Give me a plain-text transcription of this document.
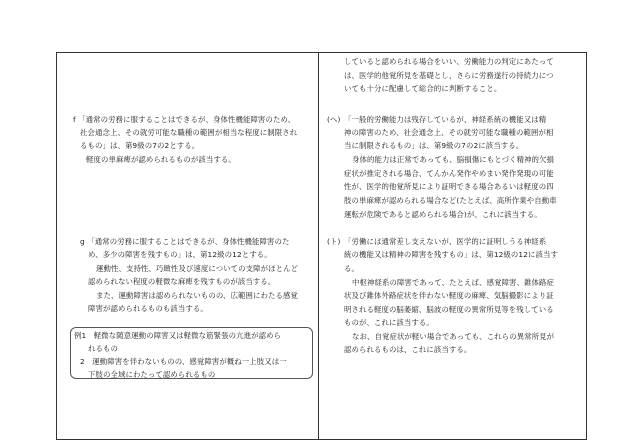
f 「通常の労務に服することはできるが、身体性機能障害のため、
社会通念上、その就労可能な職種の範囲が相当な程度に制限され
るもの」は、第9級の7の2とする。
軽度の単麻痺が認められるものが該当する。
g 「通常の労務に服することはできるが、身体性機能障害のた
め、多少の障害を残すもの」は、第12級の12とする。
運動性、支持性、巧緻性及び速度についての支障がほとんど
認められない程度の軽微な麻痺を残すものが該当する。
また、運動障害は認められないものの、広範囲にわたる感覚
障害が認められるものも該当する。
例1　軽微な随意運動の障害又は軽微な筋緊張の亢進が認めら
れるもの
2　運動障害を伴わないものの、感覚障害が概ね一上肢又は一
下肢の全域にわたって認められるもの
していると認められる場合をいい、労働能力の判定にあたって
は、医学的他覚所見を基礎とし、さらに労務遂行の持続力につ
いても十分に配慮して総合的に判断すること。
(へ) 「一般的労働能力は残存しているが、神経系統の機能又は精
神の障害のため、社会通念上、その就労可能な職種の範囲が相
当に制限されるもの」は、第9級の7の2に該当する。
身体的能力は正常であっても、脳損傷にもとづく精神的欠損
症状が推定される場合、てんかん発作やめまい発作発現の可能
性が、医学的他覚所見により証明できる場合あるいは軽度の四
肢の単麻痺が認められる場合など(たとえば、高所作業や自動車
運転が危険であると認められる場合)が、これに該当する。
(ト) 「労働には通常差し支えないが、医学的に証明しうる神経系
統の機能又は精神の障害を残すもの」は、第12級の12に該当す
る。
中枢神経系の障害であって、たとえば、感覚障害、錐体路症
状及び錐体外路症状を伴わない軽度の麻痺、気脳撮影により証
明される軽度の脳萎縮、脳波の軽度の異常所見等を残している
ものが、これに該当する。
なお、自覚症状が軽い場合であっても、これらの異常所見が
認められるものは、これに該当する。
